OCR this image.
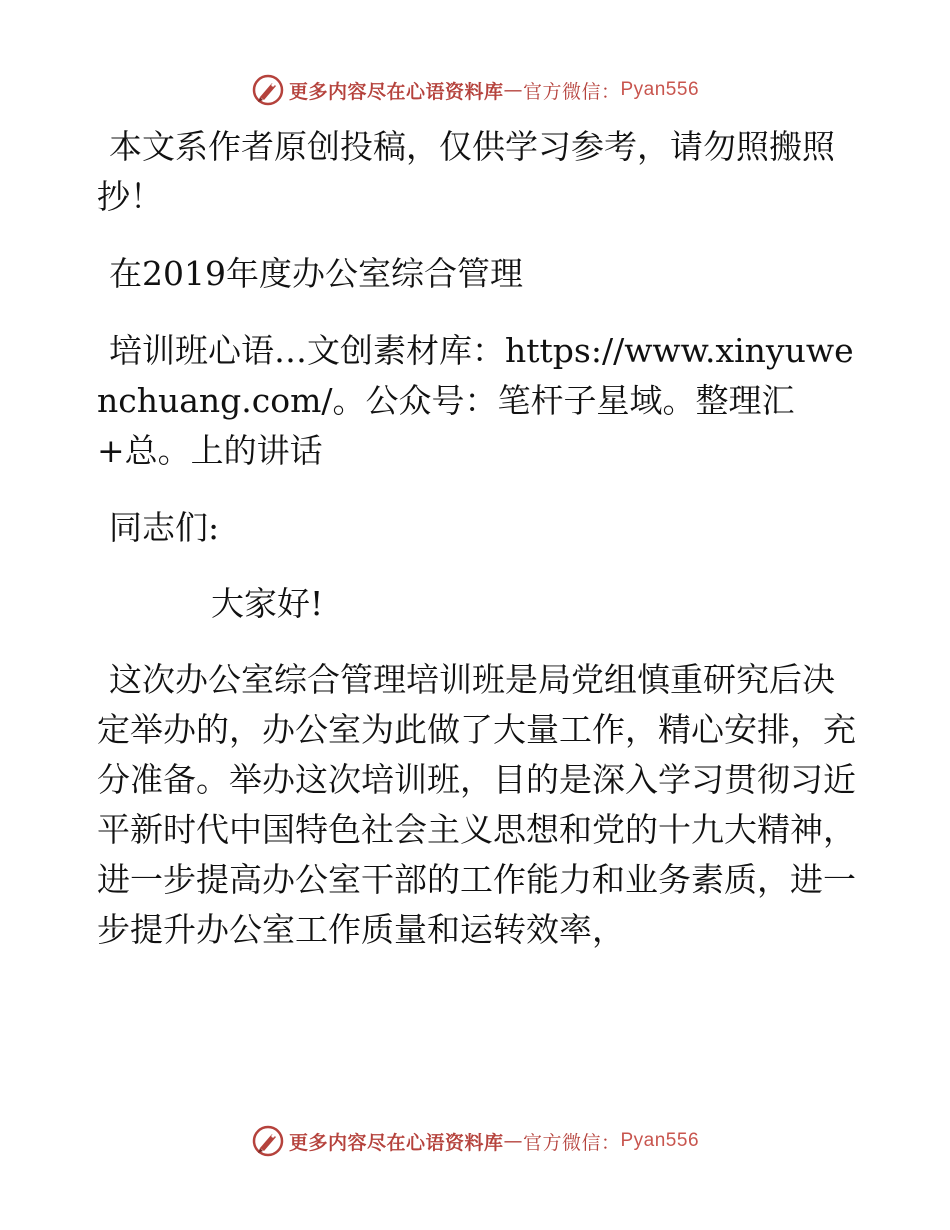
更多内容尽在心语资料库 — 官方微信： Pyan556

本文系作者原创投稿，仅供学习参考，请勿照搬照抄！

在2019年度办公室综合管理

培训班心语…文创素材库：https://www.xinyuwenchuang.com/。公众号：笔杆子星域。整理汇+总。上的讲话

同志们:

大家好!

这次办公室综合管理培训班是局党组慎重研究后决定举办的，办公室为此做了大量工作，精心安排，充分准备。举办这次培训班，目的是深入学习贯彻习近平新时代中国特色社会主义思想和党的十九大精神，进一步提高办公室干部的工作能力和业务素质，进一步提升办公室工作质量和运转效率，

更多内容尽在心语资料库 — 官方微信： Pyan556
